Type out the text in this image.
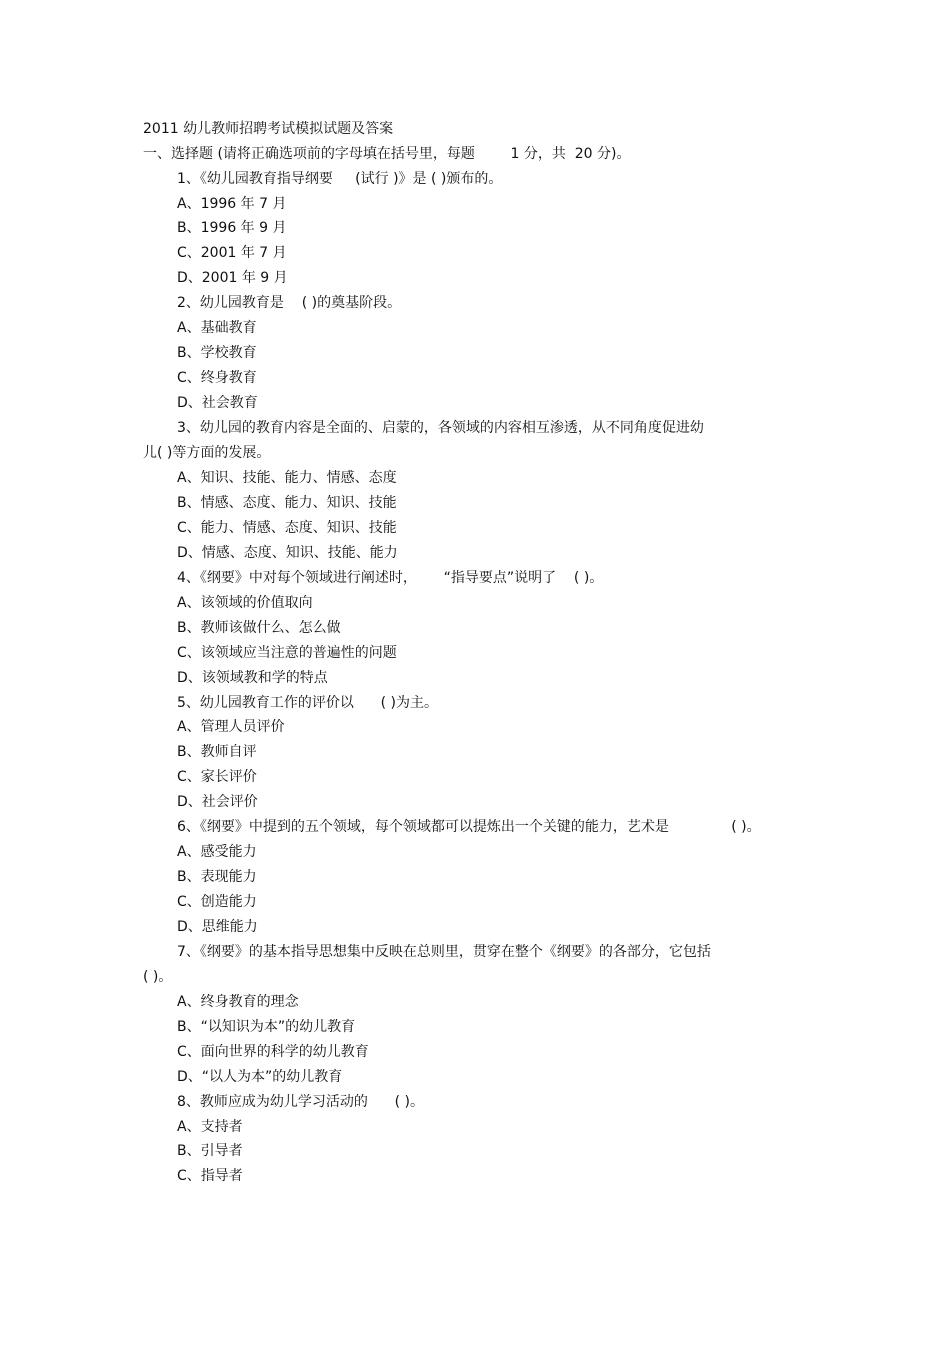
2011 幼儿教师招聘考试模拟试题及答案
一、选择题 (请将正确选项前的字母填在括号里，每题        1 分，共  20 分)。
1、《幼儿园教育指导纲要     (试行 )》是 ( )颁布的。
A、1996 年 7 月
B、1996 年 9 月
C、2001 年 7 月
D、2001 年 9 月
2、幼儿园教育是    ( )的奠基阶段。
A、基础教育
B、学校教育
C、终身教育
D、社会教育
3、幼儿园的教育内容是全面的、启蒙的，各领域的内容相互渗透，从不同角度促进幼
儿( )等方面的发展。
A、知识、技能、能力、情感、态度
B、情感、态度、能力、知识、技能
C、能力、情感、态度、知识、技能
D、情感、态度、知识、技能、能力
4、《纲要》中对每个领域进行阐述时，      “指导要点”说明了    ( )。
A、该领域的价值取向
B、教师该做什么、怎么做
C、该领域应当注意的普遍性的问题
D、该领域教和学的特点
5、幼儿园教育工作的评价以      ( )为主。
A、管理人员评价
B、教师自评
C、家长评价
D、社会评价
6、《纲要》中提到的五个领域，每个领域都可以提炼出一个关键的能力，艺术是              ( )。
A、感受能力
B、表现能力
C、创造能力
D、思维能力
7、《纲要》的基本指导思想集中反映在总则里，贯穿在整个《纲要》的各部分，它包括
( )。
A、终身教育的理念
B、“以知识为本”的幼儿教育
C、面向世界的科学的幼儿教育
D、“以人为本”的幼儿教育
8、教师应成为幼儿学习活动的      ( )。
A、支持者
B、引导者
C、指导者
